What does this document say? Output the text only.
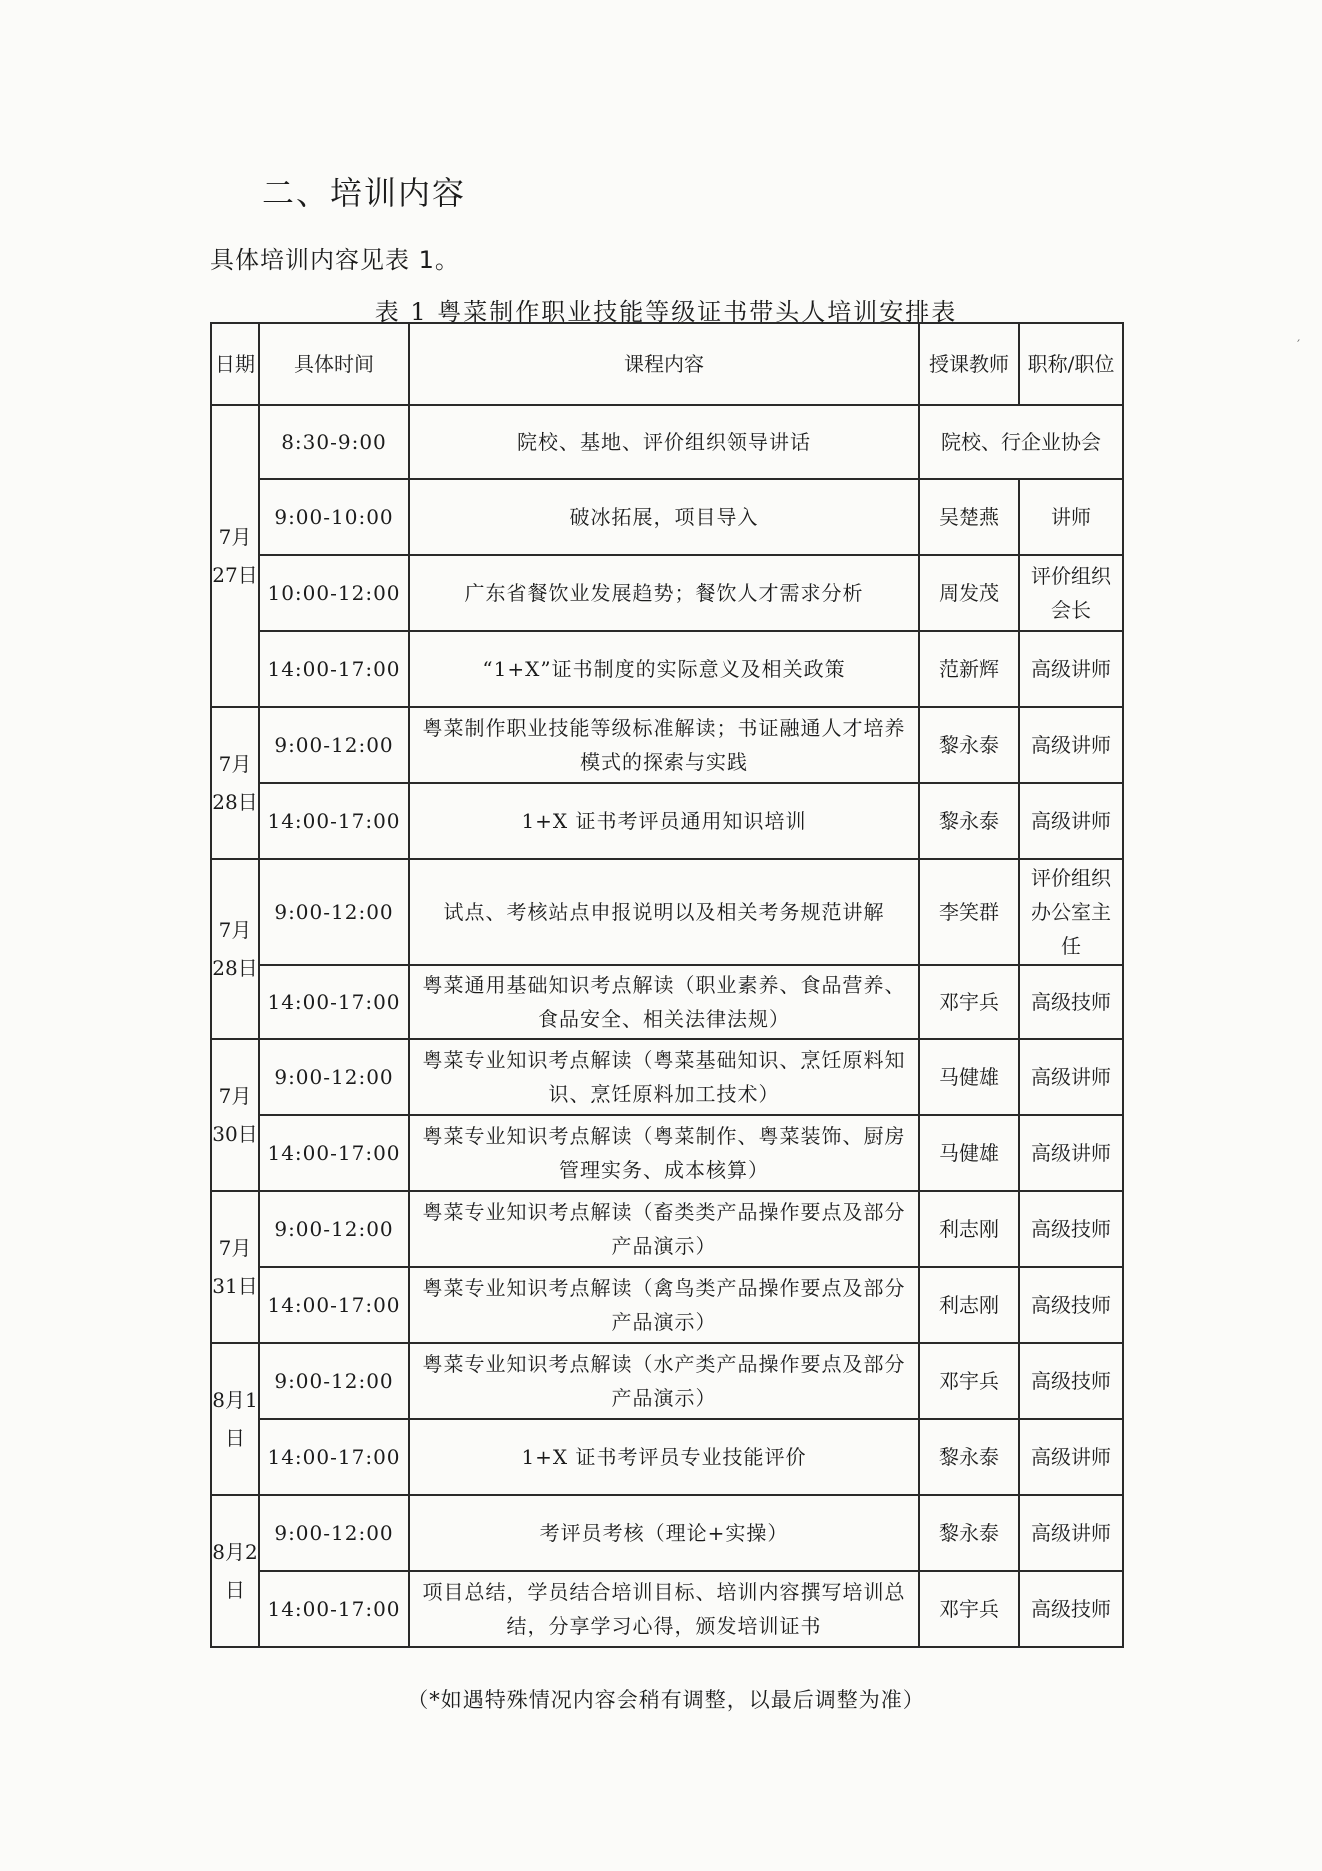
二、培训内容
具体培训内容见表 1。
表 1 粤菜制作职业技能等级证书带头人培训安排表
′
日期	具体时间	课程内容	授课教师	职称/职位
7月27日	8:30-9:00	院校、基地、评价组织领导讲话	院校、行企业协会	
	9:00-10:00	破冰拓展，项目导入	吴楚燕	讲师
	10:00-12:00	广东省餐饮业发展趋势；餐饮人才需求分析	周发茂	评价组织会长
	14:00-17:00	“1+X”证书制度的实际意义及相关政策	范新辉	高级讲师
7月28日	9:00-12:00	粤菜制作职业技能等级标准解读；书证融通人才培养模式的探索与实践	黎永泰	高级讲师
	14:00-17:00	1+X 证书考评员通用知识培训	黎永泰	高级讲师
7月28日	9:00-12:00	试点、考核站点申报说明以及相关考务规范讲解	李笑群	评价组织办公室主任
	14:00-17:00	粤菜通用基础知识考点解读（职业素养、食品营养、食品安全、相关法律法规）	邓宇兵	高级技师
7月30日	9:00-12:00	粤菜专业知识考点解读（粤菜基础知识、烹饪原料知识、烹饪原料加工技术）	马健雄	高级讲师
	14:00-17:00	粤菜专业知识考点解读（粤菜制作、粤菜装饰、厨房管理实务、成本核算）	马健雄	高级讲师
7月31日	9:00-12:00	粤菜专业知识考点解读（畜类类产品操作要点及部分产品演示）	利志刚	高级技师
	14:00-17:00	粤菜专业知识考点解读（禽鸟类产品操作要点及部分产品演示）	利志刚	高级技师
8月1日	9:00-12:00	粤菜专业知识考点解读（水产类产品操作要点及部分产品演示）	邓宇兵	高级技师
	14:00-17:00	1+X 证书考评员专业技能评价	黎永泰	高级讲师
8月2日	9:00-12:00	考评员考核（理论+实操）	黎永泰	高级讲师
	14:00-17:00	项目总结，学员结合培训目标、培训内容撰写培训总结，分享学习心得，颁发培训证书	邓宇兵	高级技师
（*如遇特殊情况内容会稍有调整，以最后调整为准）
